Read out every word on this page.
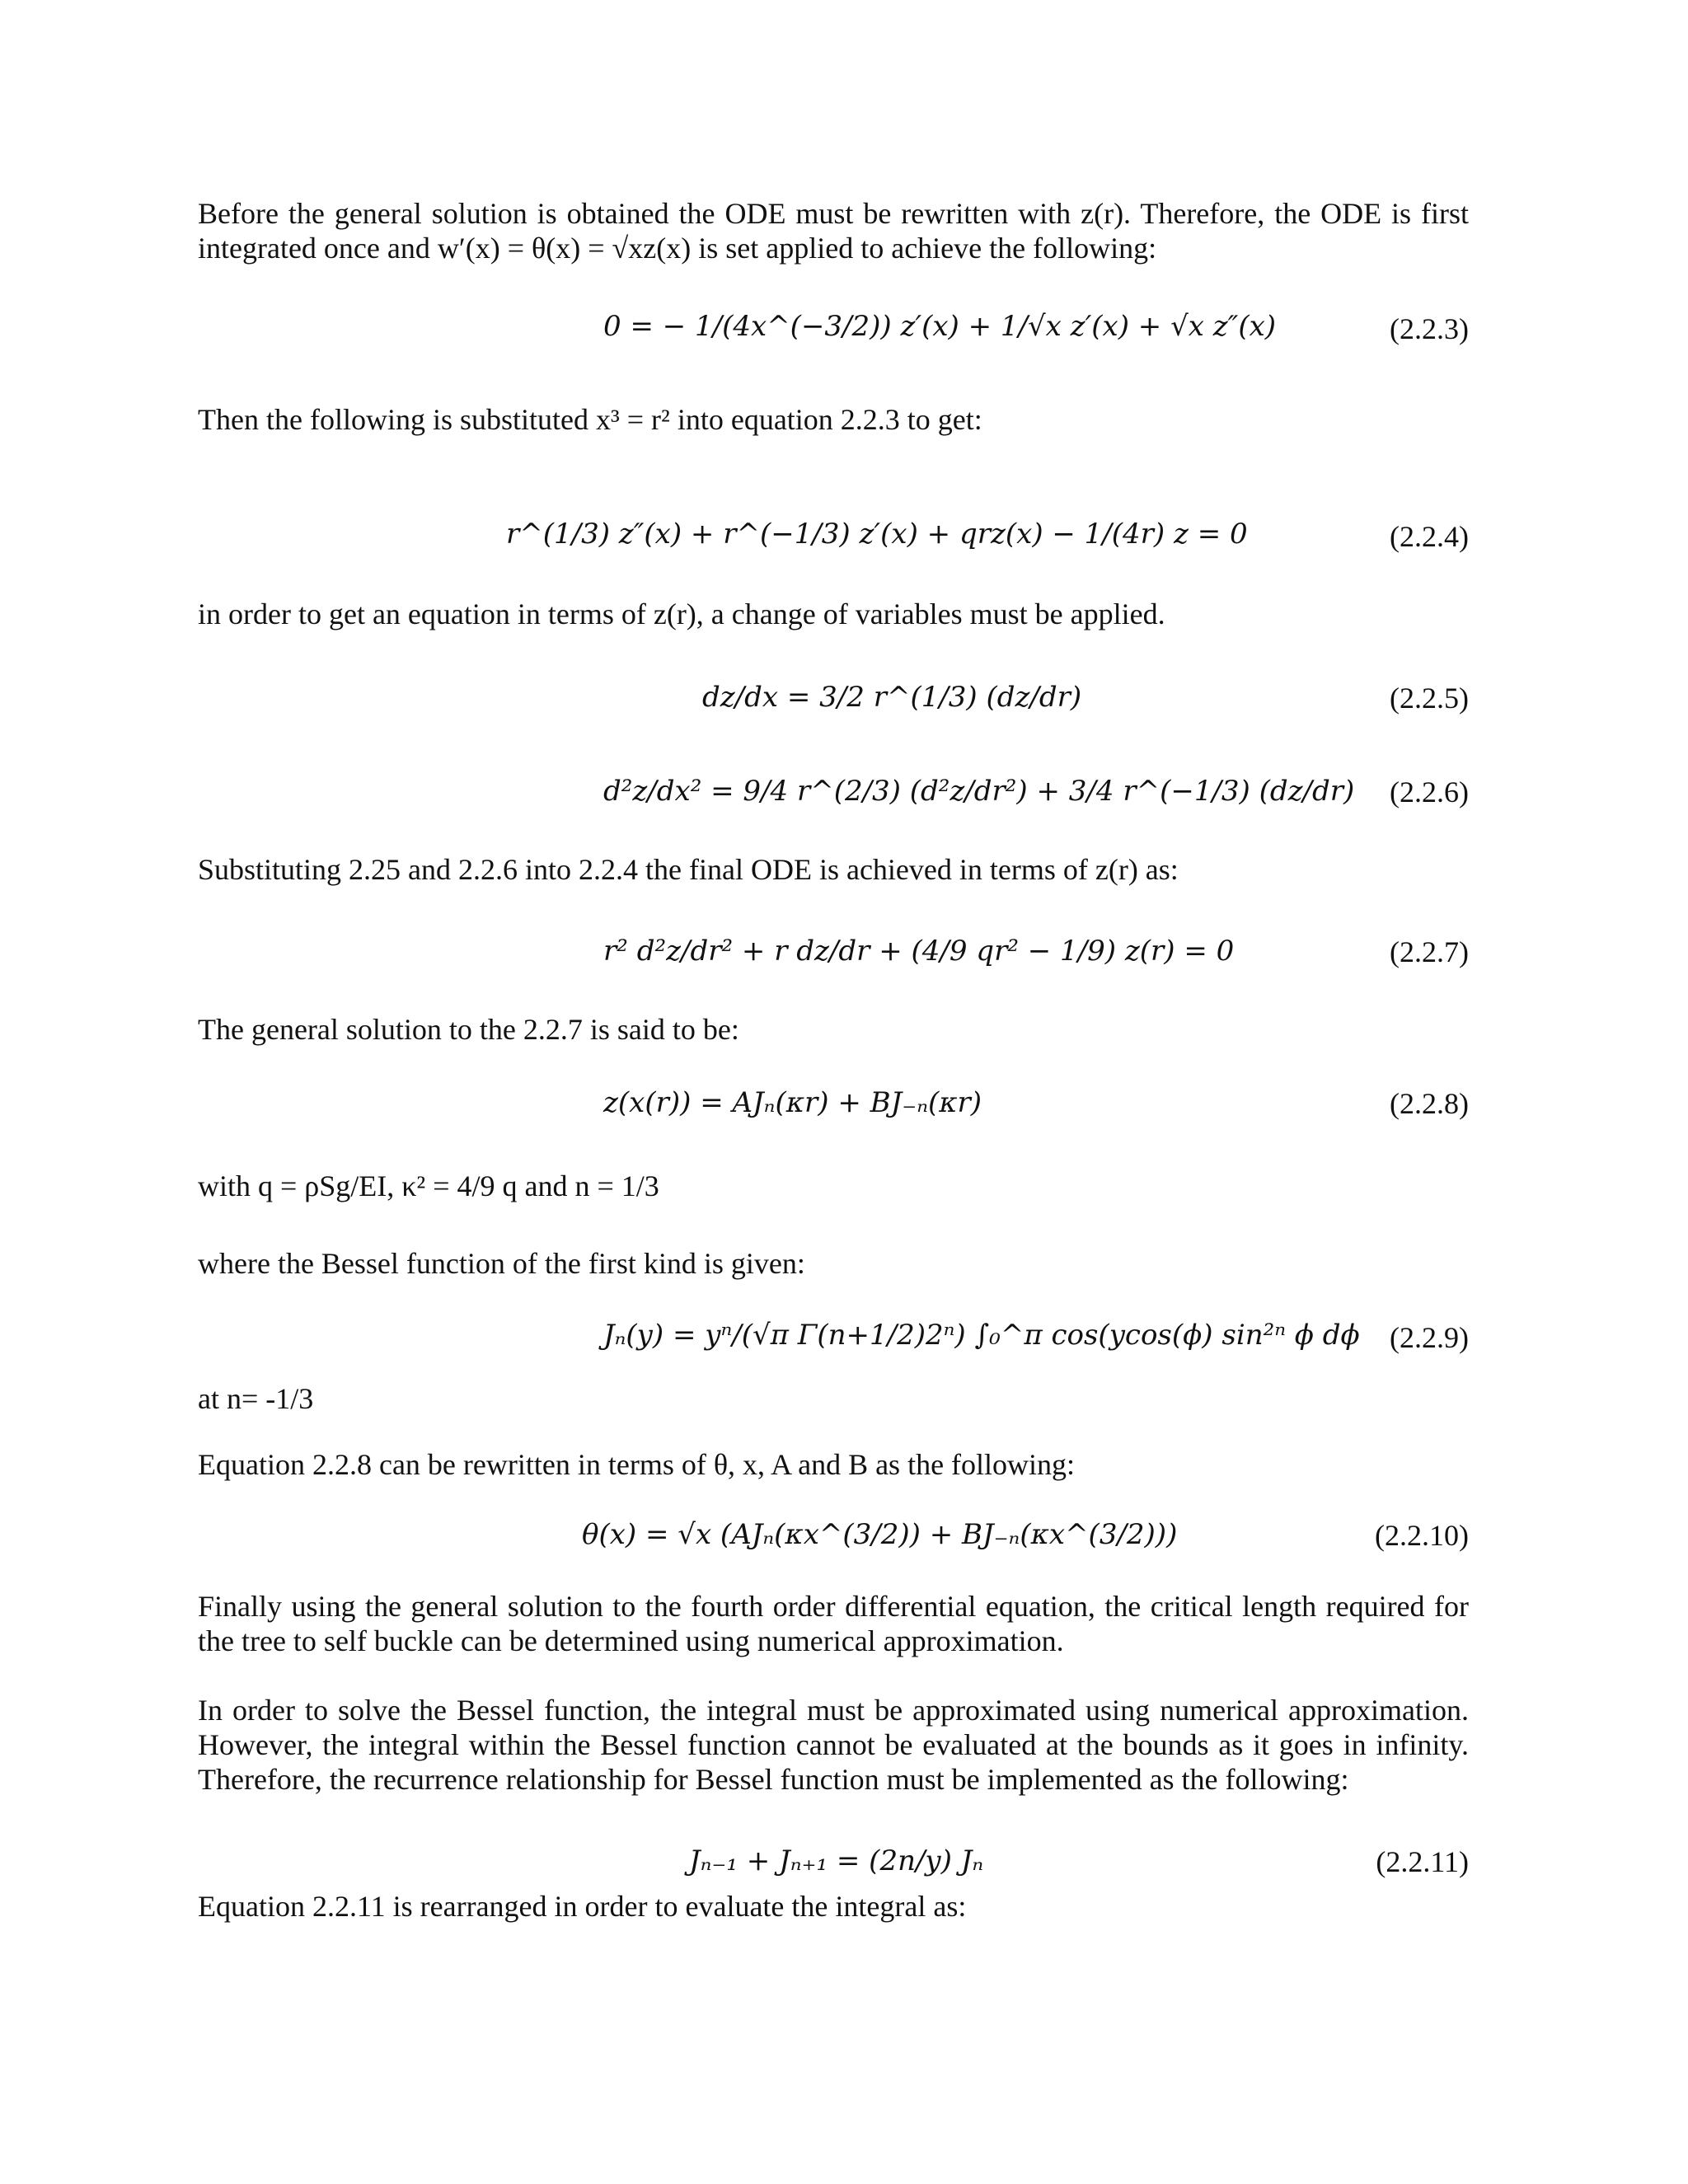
Before the general solution is obtained the ODE must be rewritten with z(r). Therefore, the ODE is first
integrated once and w′(x) = θ(x) = √xz(x) is set applied to achieve the following:
0 = − 1/(4x^(−3/2)) z′(x) + 1/√x z′(x) + √x z″(x)	(2.2.3)
Then the following is substituted x³ = r² into equation 2.2.3 to get:
r^(1/3) z″(x) + r^(−1/3) z′(x) + qrz(x) − 1/(4r) z = 0	(2.2.4)
in order to get an equation in terms of z(r), a change of variables must be applied.
dz/dx = 3/2 r^(1/3) (dz/dr)	(2.2.5)
d²z/dx² = 9/4 r^(2/3) (d²z/dr²) + 3/4 r^(−1/3) (dz/dr) (2.2.6)
Substituting 2.25 and 2.2.6 into 2.2.4 the final ODE is achieved in terms of z(r) as:
r² d²z/dr² + r dz/dr + (4/9 qr² − 1/9) z(r) = 0	(2.2.7)
The general solution to the 2.2.7 is said to be:
z(x(r)) = AJₙ(κr) + BJ₋ₙ(κr)	(2.2.8)
with q = ρSg/EI, κ² = 4/9 q and n = 1/3
where the Bessel function of the first kind is given:
Jₙ(y) = yⁿ/(√π Γ(n+1/2)2ⁿ) ∫₀^π cos(ycos(ϕ) sin²ⁿ ϕ dϕ (2.2.9)
at n= -1/3
Equation 2.2.8 can be rewritten in terms of θ, x, A and B as the following:
θ(x) = √x (AJₙ(κx^(3/2)) + BJ₋ₙ(κx^(3/2)))	(2.2.10)
Finally using the general solution to the fourth order differential equation, the critical length required for
the tree to self buckle can be determined using numerical approximation.
In order to solve the Bessel function, the integral must be approximated using numerical approximation.
However, the integral within the Bessel function cannot be evaluated at the bounds as it goes in infinity.
Therefore, the recurrence relationship for Bessel function must be implemented as the following:
Jₙ₋₁ + Jₙ₊₁ = (2n/y) Jₙ	(2.2.11)
Equation 2.2.11 is rearranged in order to evaluate the integral as:
